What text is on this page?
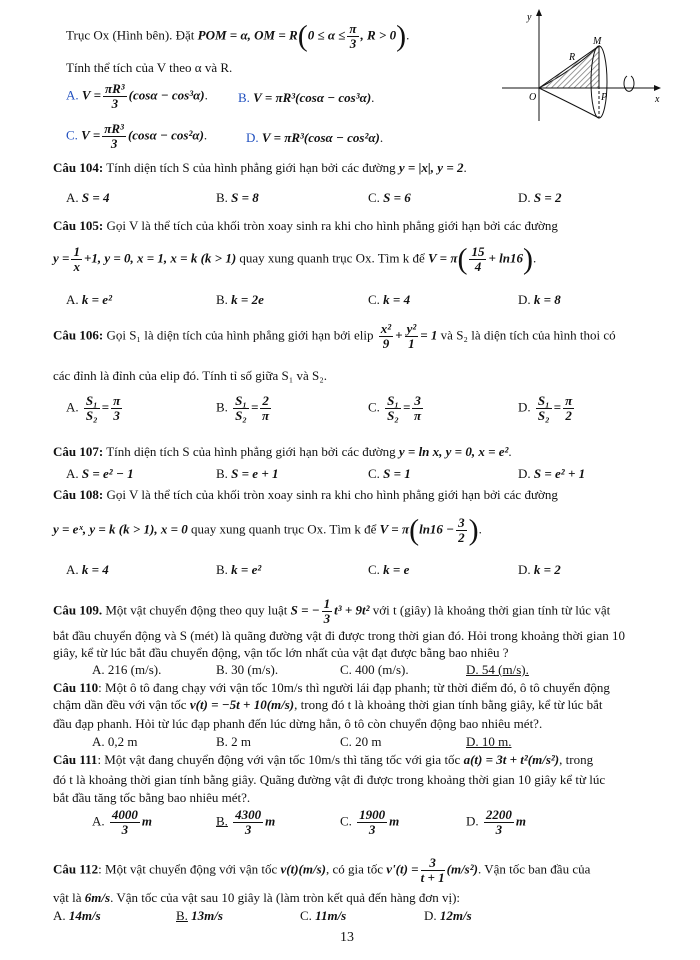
Trục Ox (Hình bên). Đặt POM = α, OM = $R(0 \le \alpha \le \frac{\pi}{3}$ , R > 0).
Tính thể tích của V theo α và R.
A. $V = \frac{\text{πR³}}{3} (\cos\alpha - \cos^3\alpha)$. B. V = πR³(cosα − cos³α).
C. $V = \frac{\text{πR³}}{3} (\cos\alpha - \cos^2\alpha)$.	D. V = πR³(cosα − cos²α).
y
x
O
M
R
P
Câu 104: Tính diện tích S của hình phẳng giới hạn bởi các đường y = |x|, y = 2.
A. S = 4	B. S = 8	C. S = 6	D. S = 2
Câu 105: Gọi V là thể tích của khối tròn xoay sinh ra khi cho hình phẳng giới hạn bởi các đường
$y = \frac{1}{x} +1$, y = 0, x = 1, x = k (k > 1) quay xung quanh trục Ox. Tìm k để $V = \pi( \frac{15}{4} + \ln 16)$.
A. k = e²	B. k = 2e	C. k = 4	D. k = 8
Câu 106: Gọi S₁ là diện tích của hình phẳng giới hạn bởi elip $\frac{\text{x²}}{9} + \frac{\text{y²}}{1} = 1$ và S₂ là diện tích của hình thoi có
các đỉnh là đỉnh của elip đó. Tính tỉ số giữa S₁ và S₂.
A. $\frac{\text{S₁}}{\text{S₂}} = \frac{\pi}{3}$	B. $\frac{\text{S₁}}{\text{S₂}} = \frac{2}{\pi}$	C. $\frac{\text{S₁}}{\text{S₂}} = \frac{3}{\pi}$	D. $\frac{\text{S₁}}{\text{S₂}} = \frac{\pi}{2}$
Câu 107: Tính diện tích S của hình phẳng giới hạn bởi các đường y = ln x, y = 0, x = e².
A. S = e² − 1	B. S = e + 1	C. S = 1	D. S = e² + 1
Câu 108: Gọi V là thể tích của khối tròn xoay sinh ra khi cho hình phẳng giới hạn bởi các đường
y = eˣ, y = k (k > 1), x = 0 quay xung quanh trục Ox. Tìm k để $V = \pi(\ln 16 - \frac{3}{2}$ ).
A. k = 4	B. k = e²	C. k = e	D. k = 2
Câu 109. Một vật chuyển động theo quy luật S = − $\frac{1}{3} t^3 + 9t^2$ với t (giây) là khoảng thời gian tính từ lúc vật
bắt đầu chuyển động và S (mét) là quãng đường vật đi được trong thời gian đó. Hỏi trong khoảng thời gian 10
giây, kể từ lúc bắt đầu chuyển động, vận tốc lớn nhất của vật đạt được bằng bao nhiêu ?
A. 216 (m/s).	B. 30 (m/s).	C. 400 (m/s).	D. 54 (m/s).
Câu 110: Một ô tô đang chạy với vận tốc 10m/s thì người lái đạp phanh; từ thời điểm đó, ô tô chuyển động
chậm dần đều với vận tốc v(t) = −5t + 10(m/s), trong đó t là khoảng thời gian tính bằng giây, kể từ lúc bắt
đầu đạp phanh. Hỏi từ lúc đạp phanh đến lúc dừng hẳn, ô tô còn chuyển động bao nhiêu mét?.
A. 0,2 m	B. 2 m	C. 20 m	D. 10 m.
Câu 111: Một vật đang chuyển động với vận tốc 10m/s thì tăng tốc với gia tốc a(t) = 3t + t²(m/s²), trong
đó t là khoảng thời gian tính bằng giây. Quãng đường vật đi được trong khoảng thời gian 10 giây kể từ lúc
bắt đầu tăng tốc bằng bao nhiêu mét?.
A. $\frac{4000}{3}$ m	B. $\frac{4300}{3}$ m	C. $\frac{1900}{3}$ m	D. $\frac{2200}{3}$ m
Câu 112: Một vật chuyển động với vận tốc v(t)(m/s), có gia tốc $v'(t) = \frac{3}{t + 1} (m/s^2)$. Vận tốc ban đầu của
vật là 6m/s. Vận tốc của vật sau 10 giây là (làm tròn kết quả đến hàng đơn vị):
A. 14m/s	B. 13m/s	C. 11m/s	D. 12m/s
13
